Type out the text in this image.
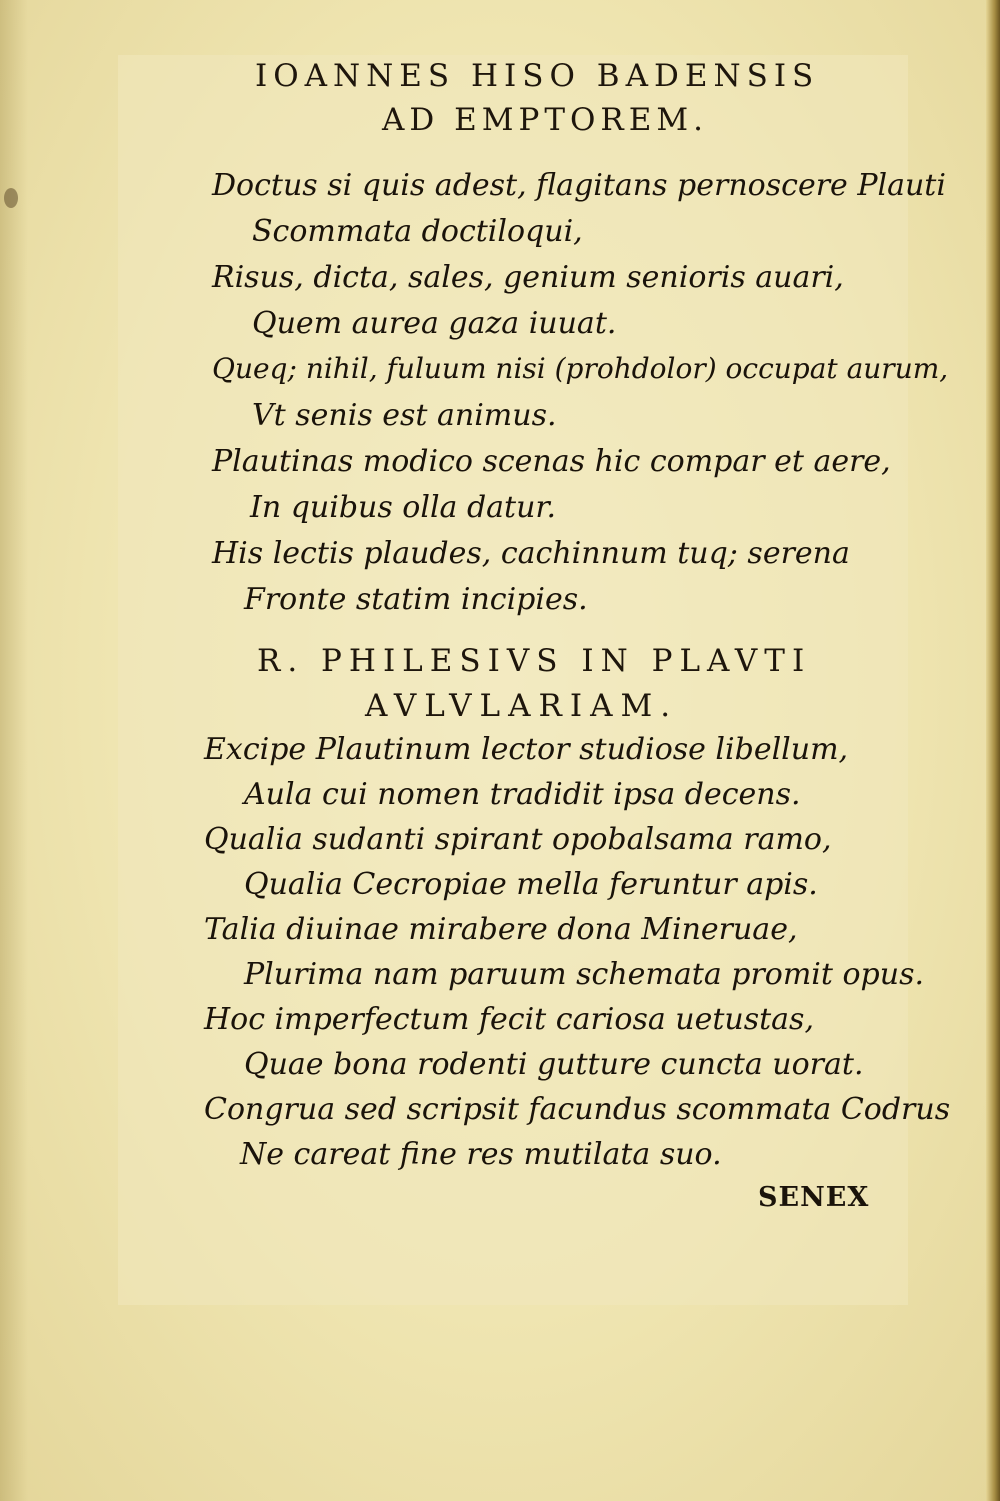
IOANNES HISO BADENSIS
AD EMPTOREM.
Doctus si quis adest, flagitans pernoscere Plauti
Scommata doctiloqui,
Risus, dicta, sales, genium senioris auari,
Quem aurea gaza iuuat.
Queq; nihil, fuluum nisi (prohdolor) occupat aurum,
Vt senis est animus.
Plautinas modico scenas hic compar et aere,
In quibus olla datur.
His lectis plaudes, cachinnum tuq; serena
Fronte statim incipies.
R. PHILESIVS IN PLAVTI
AVLVLARIAM.
Excipe Plautinum lector studiose libellum,
Aula cui nomen tradidit ipsa decens.
Qualia sudanti spirant opobalsama ramo,
Qualia Cecropiae mella feruntur apis.
Talia diuinae mirabere dona Mineruae,
Plurima nam paruum schemata promit opus.
Hoc imperfectum fecit cariosa uetustas,
Quae bona rodenti gutture cuncta uorat.
Congrua sed scripsit facundus scommata Codrus
Ne careat fine res mutilata suo.
SENEX
